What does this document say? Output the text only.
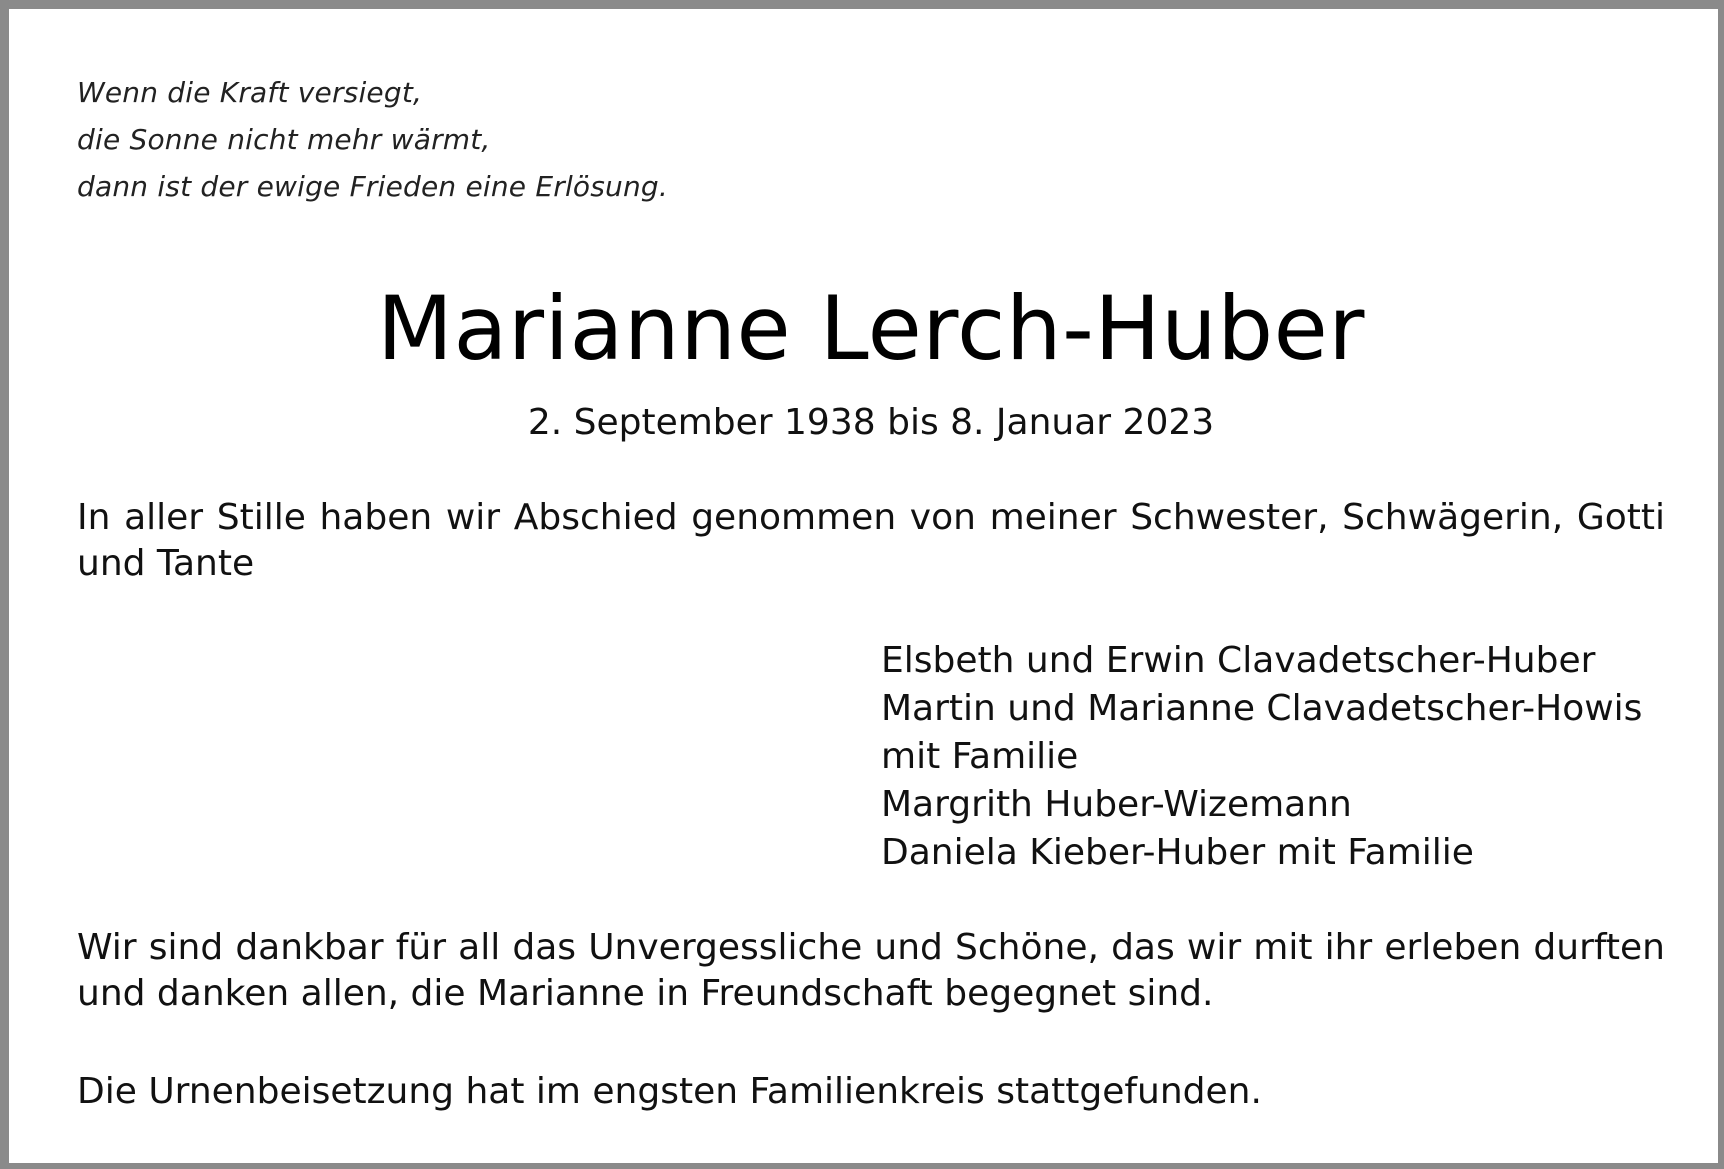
Wenn die Kraft versiegt,
die Sonne nicht mehr wärmt,
dann ist der ewige Frieden eine Erlösung.
Marianne Lerch-Huber
2. September 1938 bis 8. Januar 2023

In aller Stille haben wir Abschied genommen von meiner Schwester, Schwägerin, Gotti und Tante

Elsbeth und Erwin Clavadetscher-Huber
Martin und Marianne Clavadetscher-Howis
mit Familie
Margrith Huber-Wizemann
Daniela Kieber-Huber mit Familie

Wir sind dankbar für all das Unvergessliche und Schöne, das wir mit ihr erleben durften und danken allen, die Marianne in Freundschaft begegnet sind.

Die Urnenbeisetzung hat im engsten Familienkreis stattgefunden.
